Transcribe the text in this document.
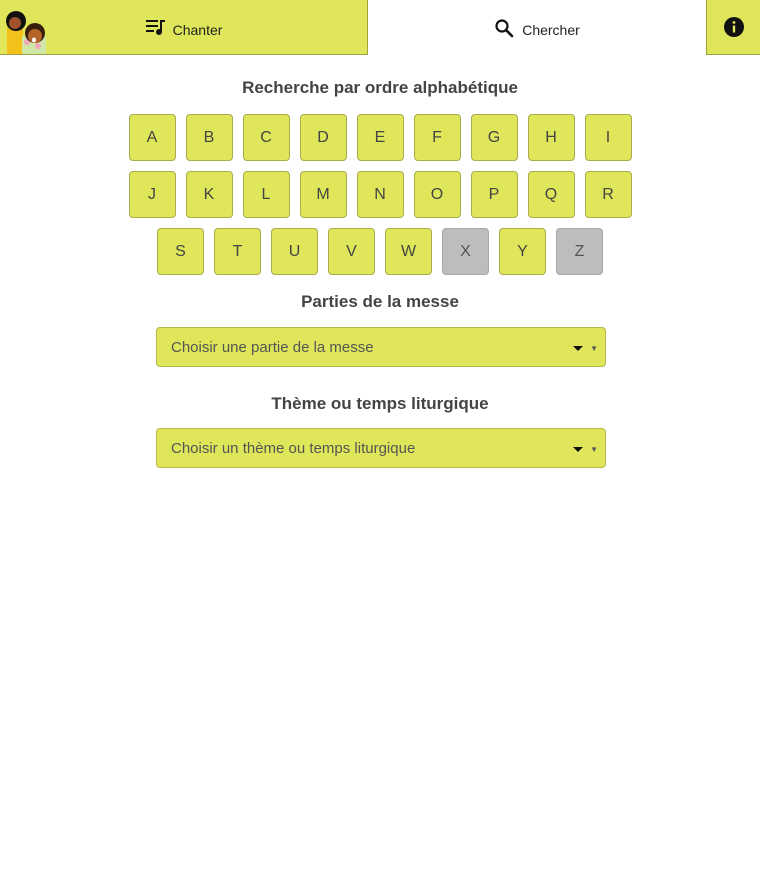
Chanter	Chercher
Recherche par ordre alphabétique
A	B	C	D	E	F	G	H	I
J	K	L	M	N	O	P	Q	R
S	T	U	V	W	X	Y	Z
Parties de la messe
Choisir une partie de la messe	▼
Thème ou temps liturgique
Choisir un thème ou temps liturgique	▼
